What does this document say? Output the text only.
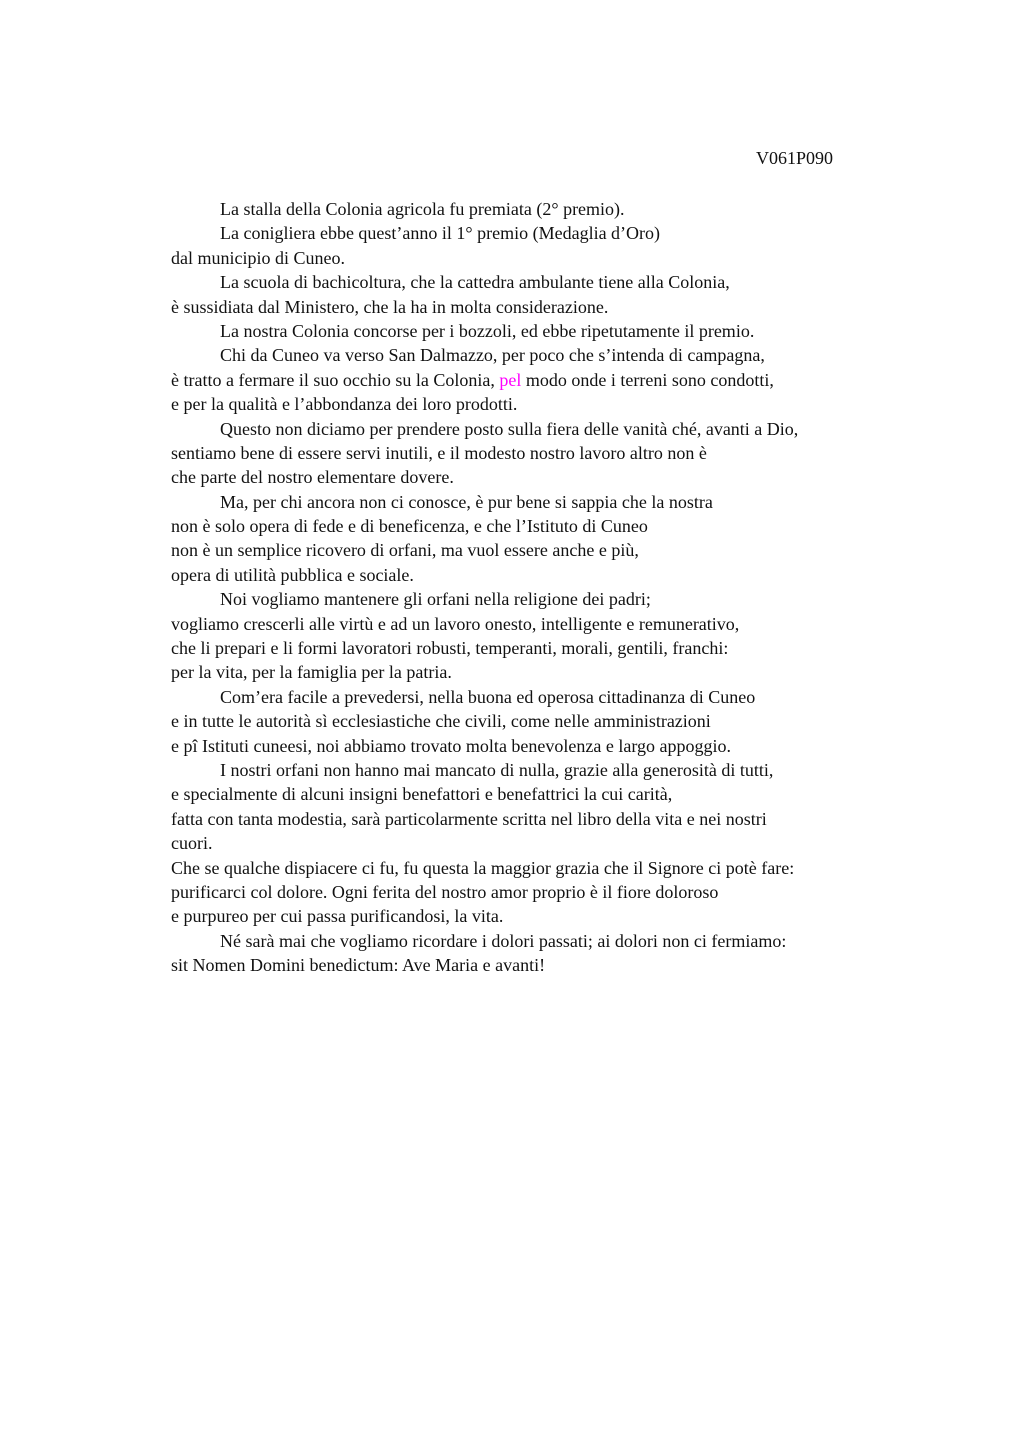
V061P090
La stalla della Colonia agricola fu premiata (2° premio).
La conigliera ebbe quest’anno il 1° premio (Medaglia d’Oro)
dal municipio di Cuneo.
La scuola di bachicoltura, che la cattedra ambulante tiene alla Colonia,
è sussidiata dal Ministero, che la ha in molta considerazione.
La nostra Colonia concorse per i bozzoli, ed ebbe ripetutamente il premio.
Chi da Cuneo va verso San Dalmazzo, per poco che s’intenda di campagna,
è tratto a fermare il suo occhio su la Colonia, pel modo onde i terreni sono condotti,
e per la qualità e l’abbondanza dei loro prodotti.
Questo non diciamo per prendere posto sulla fiera delle vanità ché, avanti a Dio,
sentiamo bene di essere servi inutili, e il modesto nostro lavoro altro non è
che parte del nostro elementare dovere.
Ma, per chi ancora non ci conosce, è pur bene si sappia che la nostra
non è solo opera di fede e di beneficenza, e che l’Istituto di Cuneo
non è un semplice ricovero di orfani, ma vuol essere anche e più,
opera di utilità pubblica e sociale.
Noi vogliamo mantenere gli orfani nella religione dei padri;
vogliamo crescerli alle virtù e ad un lavoro onesto, intelligente e remunerativo,
che li prepari e li formi lavoratori robusti, temperanti, morali, gentili, franchi:
per la vita, per la famiglia per la patria.
Com’era facile a prevedersi, nella buona ed operosa cittadinanza di Cuneo
e in tutte le autorità sì ecclesiastiche che civili, come nelle amministrazioni
e pî Istituti cuneesi, noi abbiamo trovato molta benevolenza e largo appoggio.
I nostri orfani non hanno mai mancato di nulla, grazie alla generosità di tutti,
e specialmente di alcuni insigni benefattori e benefattrici la cui carità,
fatta con tanta modestia, sarà particolarmente scritta nel libro della vita e nei nostri
cuori.
Che se qualche dispiacere ci fu, fu questa la maggior grazia che il Signore ci potè fare:
purificarci col dolore. Ogni ferita del nostro amor proprio è il fiore doloroso
e purpureo per cui passa purificandosi, la vita.
Né sarà mai che vogliamo ricordare i dolori passati; ai dolori non ci fermiamo:
sit Nomen Domini benedictum: Ave Maria e avanti!
